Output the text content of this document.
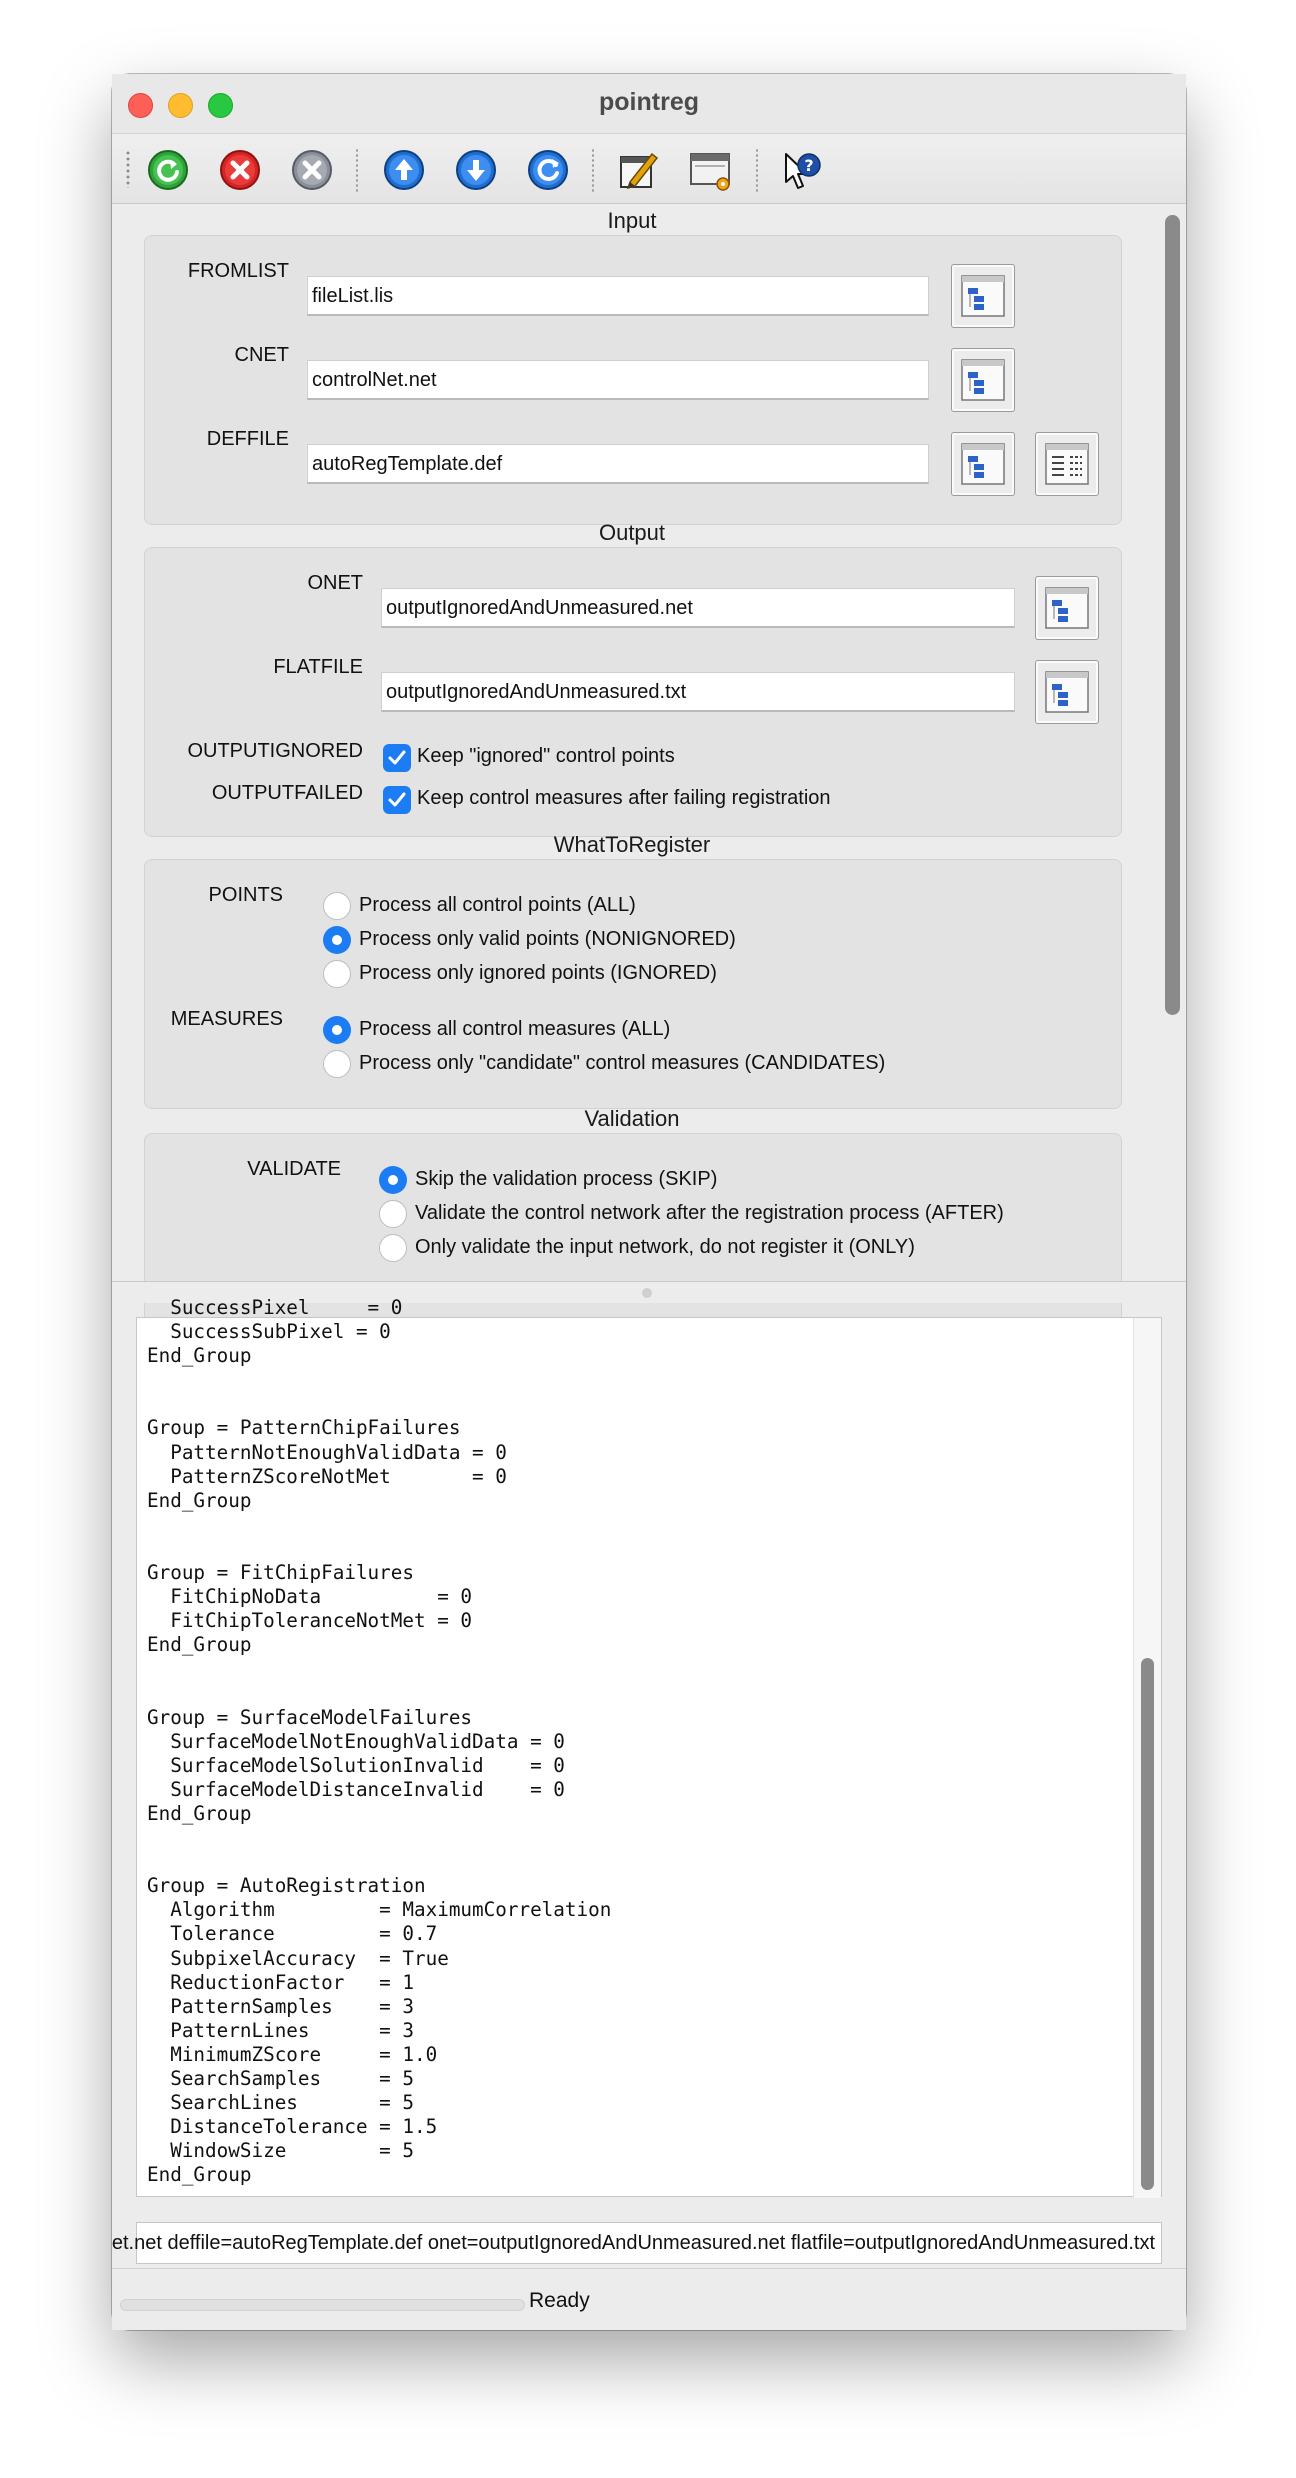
pointreg
?
Input
FROMLIST
fileList.lis
CNET
controlNet.net
DEFFILE
autoRegTemplate.def
Output
ONET
outputIgnoredAndUnmeasured.net
FLATFILE
outputIgnoredAndUnmeasured.txt
OUTPUTIGNORED	Keep "ignored" control points
OUTPUTFAILED	Keep control measures after failing registration
WhatToRegister
POINTS	Process all control points (ALL)
Process only valid points (NONIGNORED)
Process only ignored points (IGNORED)
MEASURES	Process all control measures (ALL)
Process only "candidate" control measures (CANDIDATES)
Validation
VALIDATE	Skip the validation process (SKIP)
Validate the control network after the registration process (AFTER)
Only validate the input network, do not register it (ONLY)
SuccessPixel     = 0
SuccessSubPixel = 0
End_Group

Group = PatternChipFailures
PatternNotEnoughValidData = 0
PatternZScoreNotMet       = 0
End_Group

Group = FitChipFailures
FitChipNoData          = 0
FitChipToleranceNotMet = 0
End_Group

Group = SurfaceModelFailures
SurfaceModelNotEnoughValidData = 0
SurfaceModelSolutionInvalid    = 0
SurfaceModelDistanceInvalid    = 0
End_Group

Group = AutoRegistration
Algorithm         = MaximumCorrelation
Tolerance         = 0.7
SubpixelAccuracy  = True
ReductionFactor   = 1
PatternSamples    = 3
PatternLines      = 3
MinimumZScore     = 1.0
SearchSamples     = 5
SearchLines       = 5
DistanceTolerance = 1.5
WindowSize        = 5
End_Group
et.net deffile=autoRegTemplate.def onet=outputIgnoredAndUnmeasured.net flatfile=outputIgnoredAndUnmeasured.txt
Ready
